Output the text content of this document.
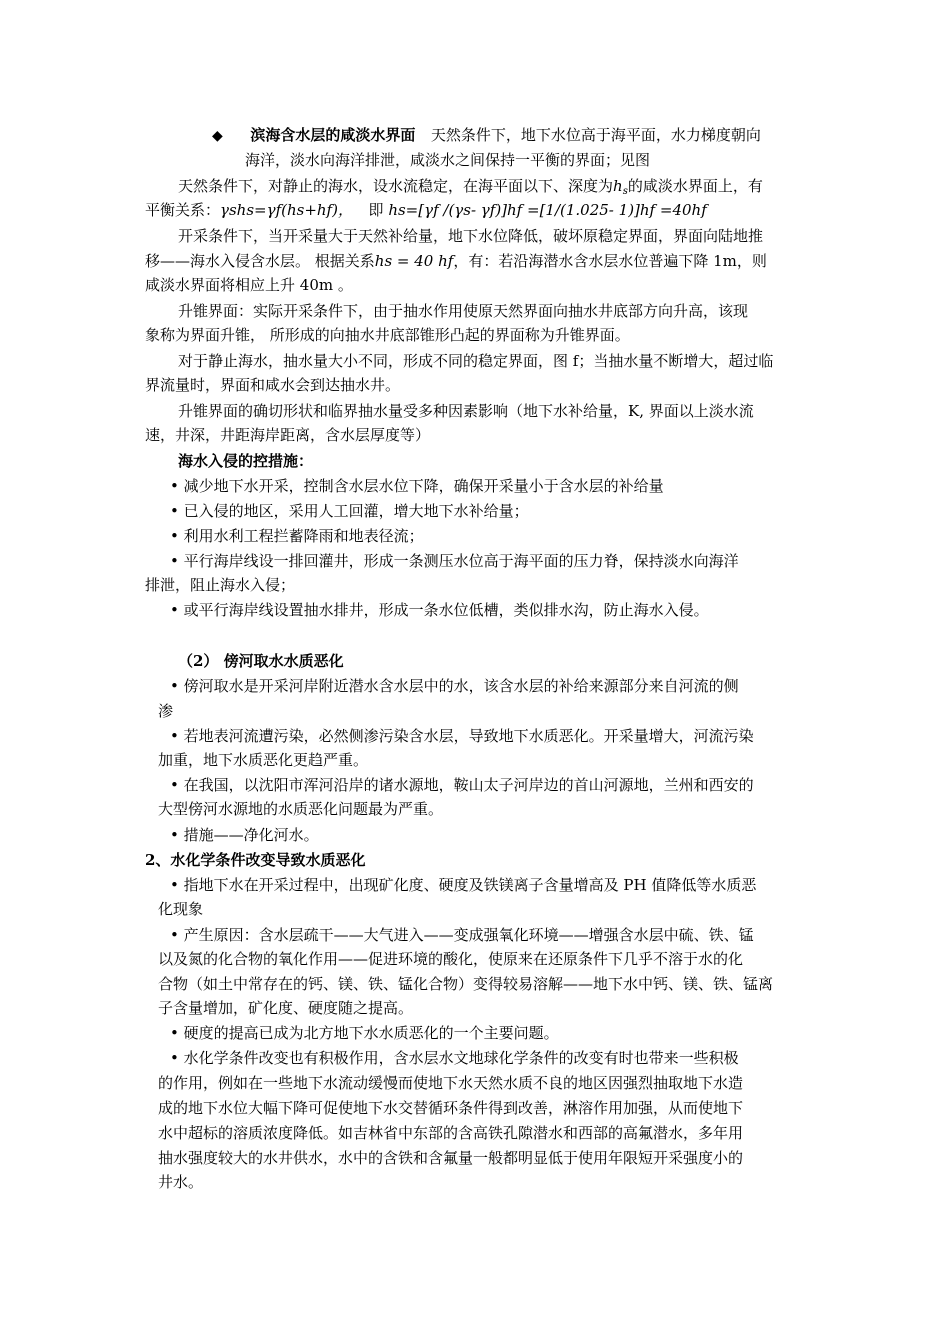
◆ 滨海含水层的咸淡水界面 天然条件下，地下水位高于海平面，水力梯度朝向
海洋，淡水向海洋排泄，咸淡水之间保持一平衡的界面；见图
天然条件下，对静止的海水，设水流稳定，在海平面以下、深度为$h_s$的咸淡水界面上，有
平衡关系：γshs=γf(hs+hf)， 即 hs=[γf /(γs- γf)]hf =[1/(1.025- 1)]hf =40hf
开采条件下，当开采量大于天然补给量，地下水位降低，破坏原稳定界面，界面向陆地推
移——海水入侵含水层。 根据关系hs = 40 hf，有：若沿海潜水含水层水位普遍下降 1m，则
咸淡水界面将相应上升 40m 。
升锥界面：实际开采条件下，由于抽水作用使原天然界面向抽水井底部方向升高，该现
象称为界面升锥， 所形成的向抽水井底部锥形凸起的界面称为升锥界面。
对于静止海水，抽水量大小不同，形成不同的稳定界面，图 f；当抽水量不断增大，超过临
界流量时，界面和咸水会到达抽水井。
升锥界面的确切形状和临界抽水量受多种因素影响（地下水补给量，K, 界面以上淡水流
速，井深，井距海岸距离，含水层厚度等）
海水入侵的控措施：
• 减少地下水开采，控制含水层水位下降，确保开采量小于含水层的补给量
• 已入侵的地区，采用人工回灌，增大地下水补给量；
• 利用水利工程拦蓄降雨和地表径流；
• 平行海岸线设一排回灌井，形成一条测压水位高于海平面的压力脊，保持淡水向海洋
排泄，阻止海水入侵；
• 或平行海岸线设置抽水排井，形成一条水位低槽，类似排水沟，防止海水入侵。
（2） 傍河取水水质恶化
• 傍河取水是开采河岸附近潜水含水层中的水，该含水层的补给来源部分来自河流的侧
渗
• 若地表河流遭污染，必然侧渗污染含水层，导致地下水质恶化。开采量增大，河流污染
加重，地下水质恶化更趋严重。
• 在我国，以沈阳市浑河沿岸的诸水源地，鞍山太子河岸边的首山河源地，兰州和西安的
大型傍河水源地的水质恶化问题最为严重。
• 措施——净化河水。
2、水化学条件改变导致水质恶化
• 指地下水在开采过程中，出现矿化度、硬度及铁镁离子含量增高及 PH 值降低等水质恶
化现象
• 产生原因：含水层疏干——大气进入——变成强氧化环境——增强含水层中硫、铁、锰
以及氮的化合物的氧化作用——促进环境的酸化，使原来在还原条件下几乎不溶于水的化
合物（如土中常存在的钙、镁、铁、锰化合物）变得较易溶解——地下水中钙、镁、铁、锰离
子含量增加，矿化度、硬度随之提高。
• 硬度的提高已成为北方地下水水质恶化的一个主要问题。
• 水化学条件改变也有积极作用，含水层水文地球化学条件的改变有时也带来一些积极
的作用，例如在一些地下水流动缓慢而使地下水天然水质不良的地区因强烈抽取地下水造
成的地下水位大幅下降可促使地下水交替循环条件得到改善，淋溶作用加强，从而使地下
水中超标的溶质浓度降低。如吉林省中东部的含高铁孔隙潜水和西部的高氟潜水，多年用
抽水强度较大的水井供水，水中的含铁和含氟量一般都明显低于使用年限短开采强度小的
井水。
